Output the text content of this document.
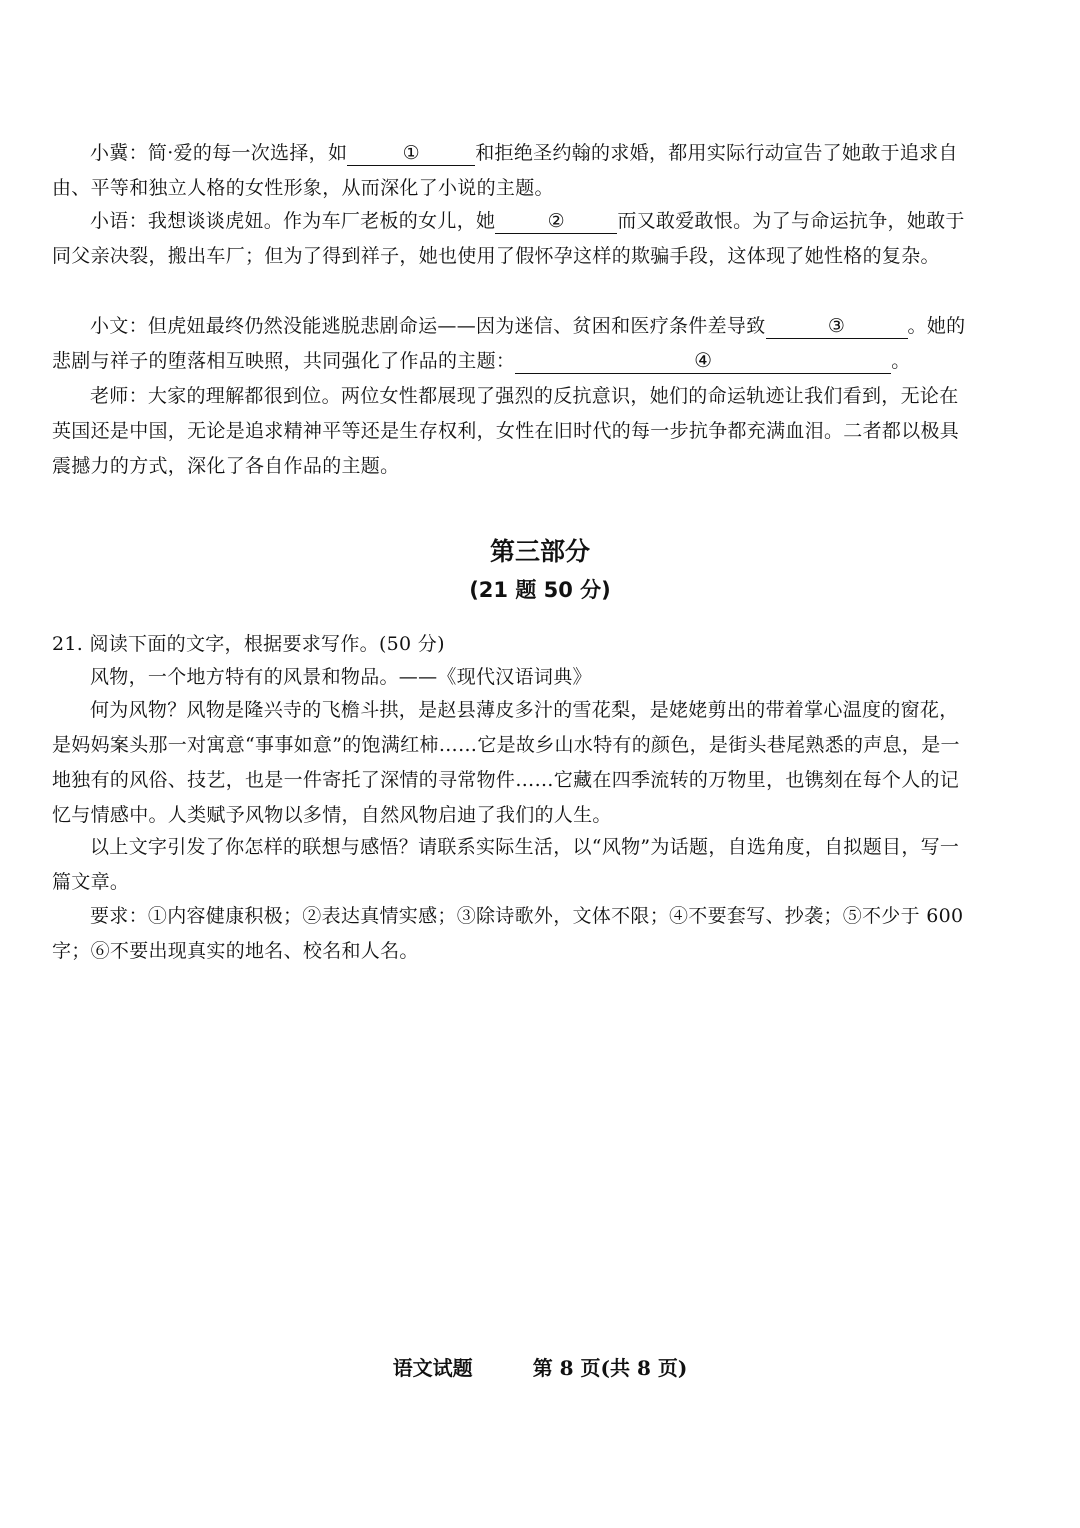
小冀：简·爱的每一次选择，如	①	和拒绝圣约翰的求婚，都用实际行动宣告了她敢于追求自由、平等和独立人格的女性形象，从而深化了小说的主题。

小语：我想谈谈虎妞。作为车厂老板的女儿，她	②	而又敢爱敢恨。为了与命运抗争，她敢于同父亲决裂，搬出车厂；但为了得到祥子，她也使用了假怀孕这样的欺骗手段，这体现了她性格的复杂。

小文：但虎妞最终仍然没能逃脱悲剧命运——因为迷信、贫困和医疗条件差导致	③	。她的悲剧与祥子的堕落相互映照，共同强化了作品的主题：	④	。

老师：大家的理解都很到位。两位女性都展现了强烈的反抗意识，她们的命运轨迹让我们看到，无论在英国还是中国，无论是追求精神平等还是生存权利，女性在旧时代的每一步抗争都充满血泪。二者都以极具震撼力的方式，深化了各自作品的主题。

第三部分
(21 题 50 分)

21. 阅读下面的文字，根据要求写作。(50 分)

风物，一个地方特有的风景和物品。——《现代汉语词典》

何为风物？风物是隆兴寺的飞檐斗拱，是赵县薄皮多汁的雪花梨，是姥姥剪出的带着掌心温度的窗花，是妈妈案头那一对寓意“事事如意”的饱满红柿……它是故乡山水特有的颜色，是街头巷尾熟悉的声息，是一地独有的风俗、技艺，也是一件寄托了深情的寻常物件……它藏在四季流转的万物里，也镌刻在每个人的记忆与情感中。人类赋予风物以多情，自然风物启迪了我们的人生。

以上文字引发了你怎样的联想与感悟？请联系实际生活，以“风物”为话题，自选角度，自拟题目，写一篇文章。

要求：①内容健康积极；②表达真情实感；③除诗歌外，文体不限；④不要套写、抄袭；⑤不少于 600 字；⑥不要出现真实的地名、校名和人名。

语文试题	第 8 页(共 8 页)
